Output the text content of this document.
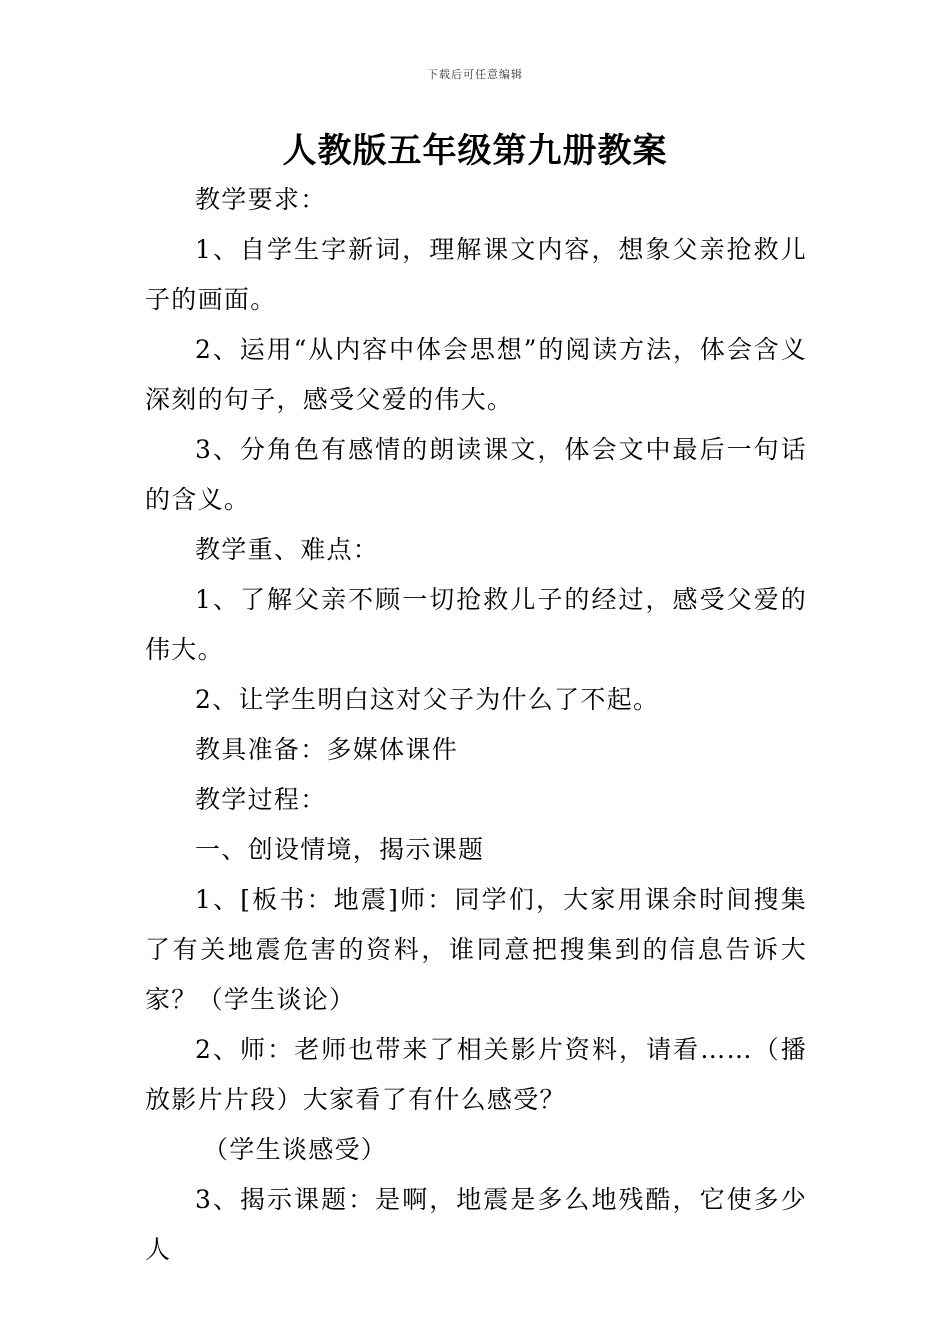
下载后可任意编辑
人教版五年级第九册教案

教学要求：

1、自学生字新词，理解课文内容，想象父亲抢救儿子的画面。

2、运用“从内容中体会思想”的阅读方法，体会含义深刻的句子，感受父爱的伟大。

3、分角色有感情的朗读课文，体会文中最后一句话的含义。

教学重、难点：

1、了解父亲不顾一切抢救儿子的经过，感受父爱的伟大。

2、让学生明白这对父子为什么了不起。

教具准备：多媒体课件

教学过程：

一、创设情境，揭示课题

1、[板书：地震]师：同学们，大家用课余时间搜集了有关地震危害的资料，谁同意把搜集到的信息告诉大家？（学生谈论）

2、师：老师也带来了相关影片资料，请看……（播放影片片段）大家看了有什么感受？

（学生谈感受）

3、揭示课题：是啊，地震是多么地残酷，它使多少人
